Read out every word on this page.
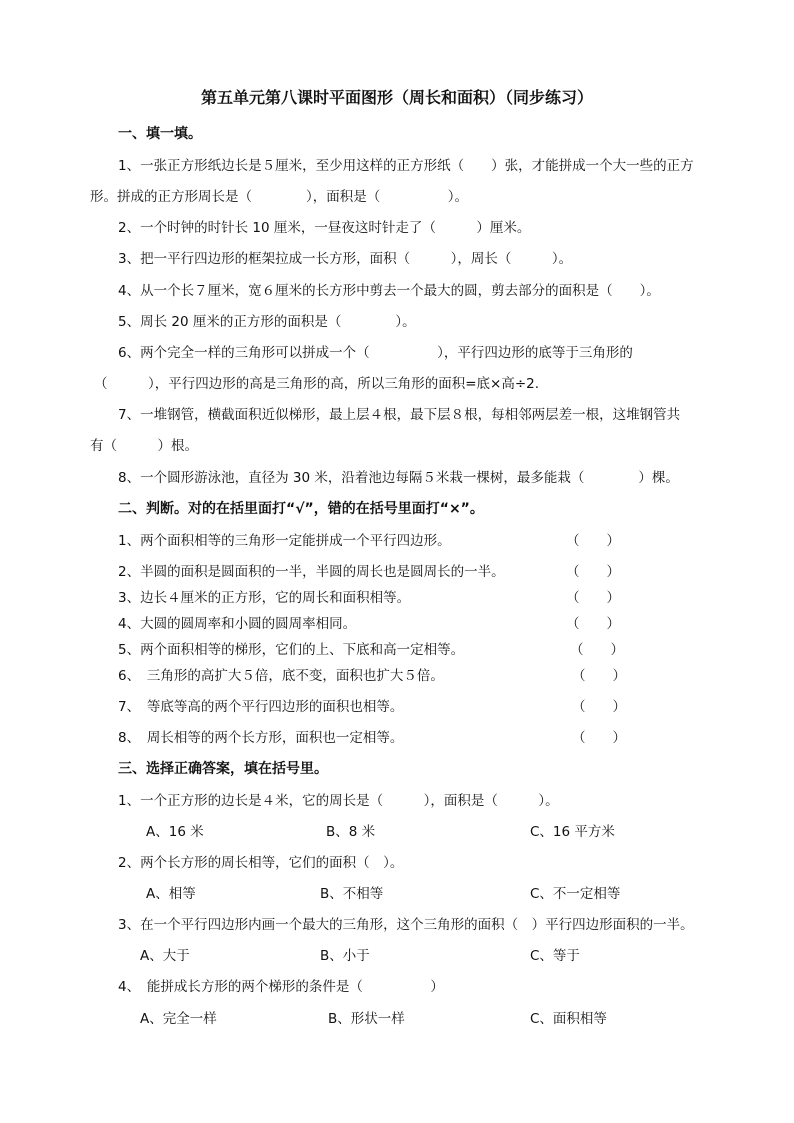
第五单元第八课时平面图形（周长和面积）（同步练习）
一、填一填。
1、一张正方形纸边长是５厘米，至少用这样的正方形纸（　　）张，才能拼成一个大一些的正方
形。拼成的正方形周长是（　　　　），面积是（　　　　　）。
2、一个时钟的时针长 10 厘米，一昼夜这时针走了（　　　）厘米。
3、把一平行四边形的框架拉成一长方形，面积（　　　），周长（　　　）。
4、从一个长７厘米，宽６厘米的长方形中剪去一个最大的圆，剪去部分的面积是（　　）。
5、周长 20 厘米的正方形的面积是（　　　　）。
6、两个完全一样的三角形可以拼成一个（　　　　　），平行四边形的底等于三角形的
（　　　），平行四边形的高是三角形的高，所以三角形的面积=底×高÷2.
7、一堆钢管，横截面积近似梯形，最上层４根，最下层８根，每相邻两层差一根，这堆钢管共
有（　　　）根。
8、一个圆形游泳池，直径为 30 米，沿着池边每隔５米栽一棵树，最多能栽（　　　　）棵。
二、判断。对的在括里面打“√”，错的在括号里面打“×”。
1、两个面积相等的三角形一定能拼成一个平行四边形。	（　　）
2、半圆的面积是圆面积的一半，半圆的周长也是圆周长的一半。	（　　）
3、边长４厘米的正方形，它的周长和面积相等。	（　　）
4、大圆的圆周率和小圆的圆周率相同。	（　　）
5、两个面积相等的梯形，它们的上、下底和高一定相等。	（　　）
6、　三角形的高扩大５倍，底不变，面积也扩大５倍。	（　　）
7、　等底等高的两个平行四边形的面积也相等。	（　　）
8、　周长相等的两个长方形，面积也一定相等。	（　　）
三、选择正确答案，填在括号里。
1、一个正方形的边长是４米，它的周长是（　　　），面积是（　　　）。
A、16 米	B、8 米	C、16 平方米
2、两个长方形的周长相等，它们的面积（　）。
A、相等	B、不相等	C、不一定相等
3、在一个平行四边形内画一个最大的三角形，这个三角形的面积（　）平行四边形面积的一半。
A、大于	B、小于	C、等于
4、　能拼成长方形的两个梯形的条件是（　　　　　）
A、完全一样	B、形状一样	C、面积相等
